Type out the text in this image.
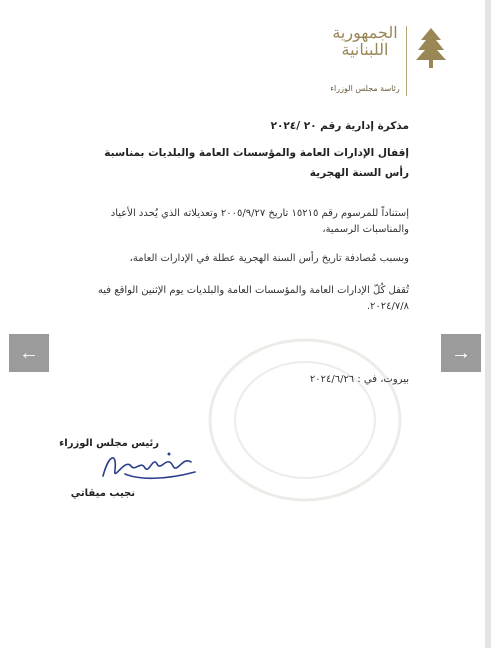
الجمهورية
اللبنانية
رئاسة مجلس الوزراء
مذكرة إدارية رقم ٢٠ /٢٠٢٤
إقفال الإدارات العامة والمؤسسات العامة والبلديات بمناسبة
رأس السنة الهجرية
إستناداً للمرسوم رقم ١٥٢١٥ تاريخ ٢٠٠٥/٩/٢٧ وتعديلاته الذي يُحدد الأعياد والمناسبات الرسمية،
وبسبب مُصادفة تاريخ رأس السنة الهجرية عطلة في الإدارات العامة،
تُقفل كُلّ الإدارات العامة والمؤسسات العامة والبلديات يوم الإثنين الواقع فيه ٢٠٢٤/٧/٨.
بيروت، في : ٢٠٢٤/٦/٢٦
رئيس مجلس الوزراء
نجيب ميقاتي
←	→
